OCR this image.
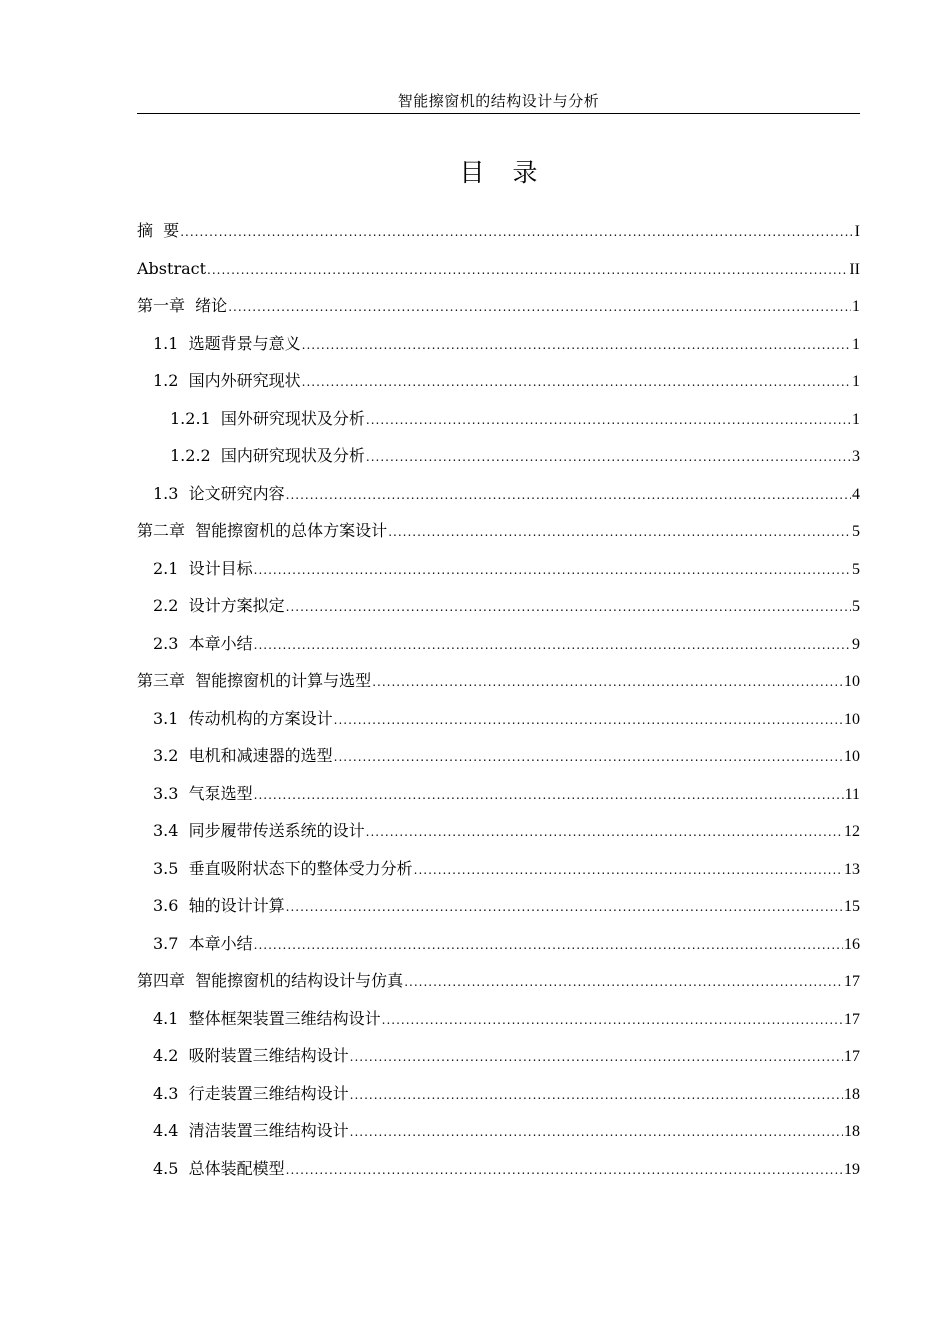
智能擦窗机的结构设计与分析
目 录
摘  要 .....	I
Abstract .....	II
第一章  绪论 .....	1
1.1  选题背景与意义 .....	1
1.2  国内外研究现状 .....	1
1.2.1  国外研究现状及分析 .....	1
1.2.2  国内研究现状及分析 .....	3
1.3  论文研究内容 .....	4
第二章  智能擦窗机的总体方案设计 .....	5
2.1  设计目标 .....	5
2.2  设计方案拟定 .....	5
2.3  本章小结 .....	9
第三章  智能擦窗机的计算与选型 .....	10
3.1  传动机构的方案设计 .....	10
3.2  电机和减速器的选型 .....	10
3.3  气泵选型 .....	11
3.4  同步履带传送系统的设计 .....	12
3.5  垂直吸附状态下的整体受力分析 .....	13
3.6  轴的设计计算 .....	15
3.7  本章小结 .....	16
第四章  智能擦窗机的结构设计与仿真 .....	17
4.1  整体框架装置三维结构设计 .....	17
4.2  吸附装置三维结构设计 .....	17
4.3  行走装置三维结构设计 .....	18
4.4  清洁装置三维结构设计 .....	18
4.5  总体装配模型 .....	19
